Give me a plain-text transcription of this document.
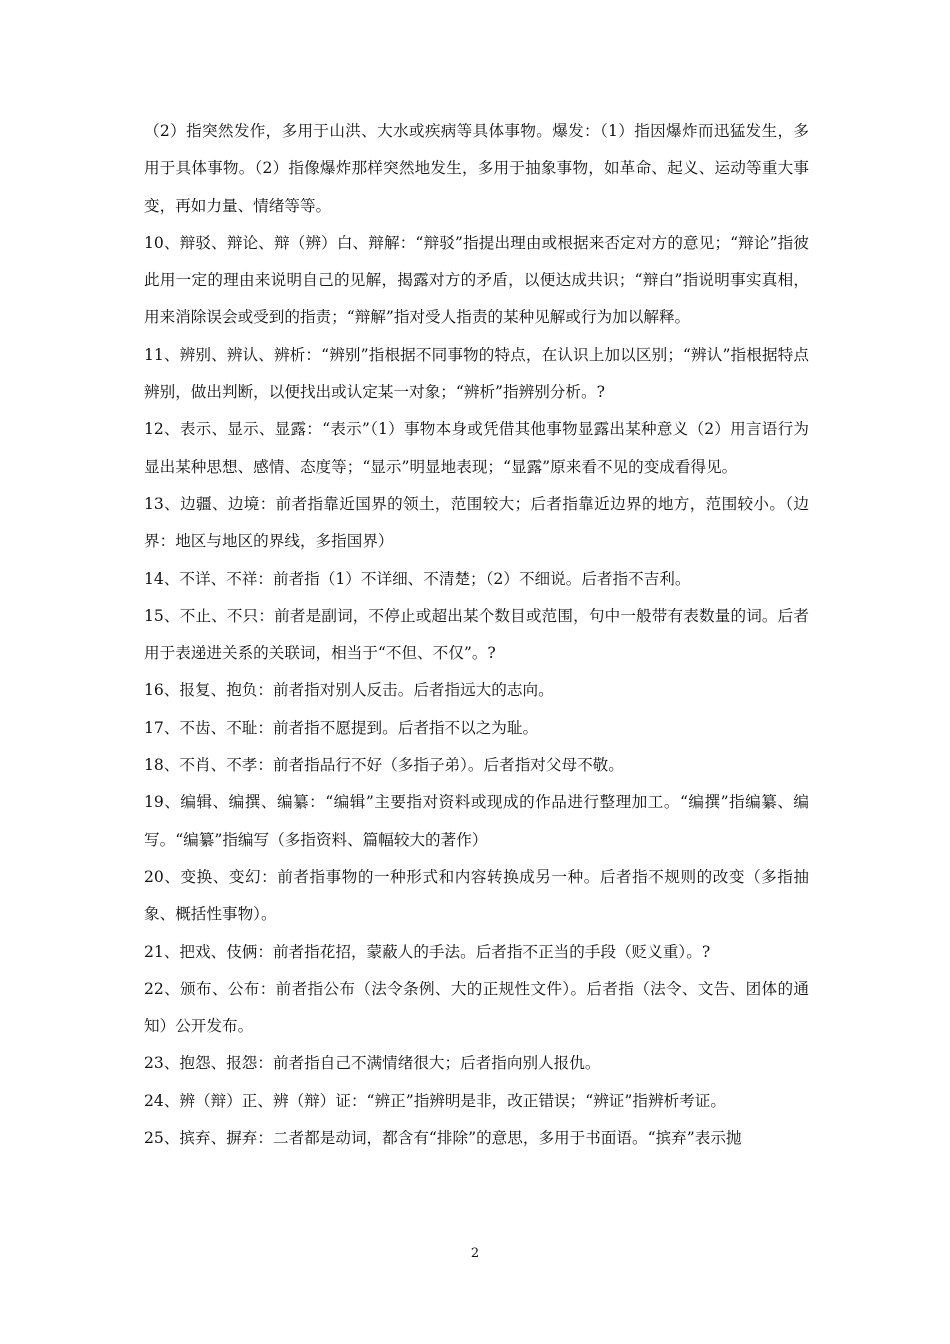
（2）指突然发作，多用于山洪、大水或疾病等具体事物。爆发：（1）指因爆炸而迅猛发生，多用于具体事物。（2）指像爆炸那样突然地发生，多用于抽象事物，如革命、起义、运动等重大事变，再如力量、情绪等等。

10、辩驳、辩论、辩（辨）白、辩解：“辩驳”指提出理由或根据来否定对方的意见；“辩论”指彼此用一定的理由来说明自己的见解，揭露对方的矛盾，以便达成共识；“辩白”指说明事实真相，用来消除误会或受到的指责；“辩解”指对受人指责的某种见解或行为加以解释。

11、辨别、辨认、辨析：“辨别”指根据不同事物的特点，在认识上加以区别；“辨认”指根据特点辨别，做出判断，以便找出或认定某一对象；“辨析”指辨别分析。?

12、表示、显示、显露：“表示”（1）事物本身或凭借其他事物显露出某种意义（2）用言语行为显出某种思想、感情、态度等；“显示”明显地表现；“显露”原来看不见的变成看得见。

13、边疆、边境：前者指靠近国界的领土，范围较大；后者指靠近边界的地方，范围较小。（边界：地区与地区的界线，多指国界）

14、不详、不祥：前者指（1）不详细、不清楚；（2）不细说。后者指不吉利。

15、不止、不只：前者是副词，不停止或超出某个数目或范围，句中一般带有表数量的词。后者用于表递进关系的关联词，相当于“不但、不仅”。?

16、报复、抱负：前者指对别人反击。后者指远大的志向。

17、不齿、不耻：前者指不愿提到。后者指不以之为耻。

18、不肖、不孝：前者指品行不好（多指子弟）。后者指对父母不敬。

19、编辑、编撰、编纂：“编辑”主要指对资料或现成的作品进行整理加工。“编撰”指编纂、编写。“编纂”指编写（多指资料、篇幅较大的著作）

20、变换、变幻：前者指事物的一种形式和内容转换成另一种。后者指不规则的改变（多指抽象、概括性事物）。

21、把戏、伎俩：前者指花招，蒙蔽人的手法。后者指不正当的手段（贬义重）。?

22、颁布、公布：前者指公布（法令条例、大的正规性文件）。后者指（法令、文告、团体的通知）公开发布。

23、抱怨、报怨：前者指自己不满情绪很大；后者指向别人报仇。

24、辨（辩）正、辨（辩）证：“辨正”指辨明是非，改正错误；“辨证”指辨析考证。

25、摈弃、摒弃：二者都是动词，都含有“排除”的意思，多用于书面语。“摈弃”表示抛

2
